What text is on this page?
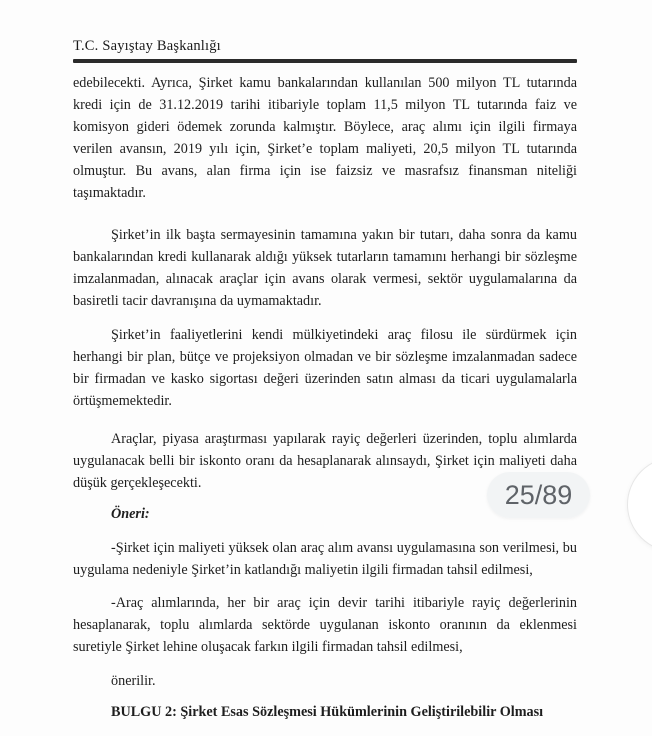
T.C. Sayıştay Başkanlığı

edebilecekti. Ayrıca, Şirket kamu bankalarından kullanılan 500 milyon TL tutarında kredi için de 31.12.2019 tarihi itibariyle toplam 11,5 milyon TL tutarında faiz ve komisyon gideri ödemek zorunda kalmıştır. Böylece, araç alımı için ilgili firmaya verilen avansın, 2019 yılı için, Şirket’e toplam maliyeti, 20,5 milyon TL tutarında olmuştur. Bu avans, alan firma için ise faizsiz ve masrafsız finansman niteliği taşımaktadır.

Şirket’in ilk başta sermayesinin tamamına yakın bir tutarı, daha sonra da kamu bankalarından kredi kullanarak aldığı yüksek tutarların tamamını herhangi bir sözleşme imzalanmadan, alınacak araçlar için avans olarak vermesi, sektör uygulamalarına da basiretli tacir davranışına da uymamaktadır.

Şirket’in faaliyetlerini kendi mülkiyetindeki araç filosu ile sürdürmek için herhangi bir plan, bütçe ve projeksiyon olmadan ve bir sözleşme imzalanmadan sadece bir firmadan ve kasko sigortası değeri üzerinden satın alması da ticari uygulamalarla örtüşmemektedir.

Araçlar, piyasa araştırması yapılarak rayiç değerleri üzerinden, toplu alımlarda uygulanacak belli bir iskonto oranı da hesaplanarak alınsaydı, Şirket için maliyeti daha düşük gerçekleşecekti.

Öneri:

-Şirket için maliyeti yüksek olan araç alım avansı uygulamasına son verilmesi, bu uygulama nedeniyle Şirket’in katlandığı maliyetin ilgili firmadan tahsil edilmesi,

-Araç alımlarında, her bir araç için devir tarihi itibariyle rayiç değerlerinin hesaplanarak, toplu alımlarda sektörde uygulanan iskonto oranının da eklenmesi suretiyle Şirket lehine oluşacak farkın ilgili firmadan tahsil edilmesi,

önerilir.

BULGU 2: Şirket Esas Sözleşmesi Hükümlerinin Geliştirilebilir Olması

25/89
